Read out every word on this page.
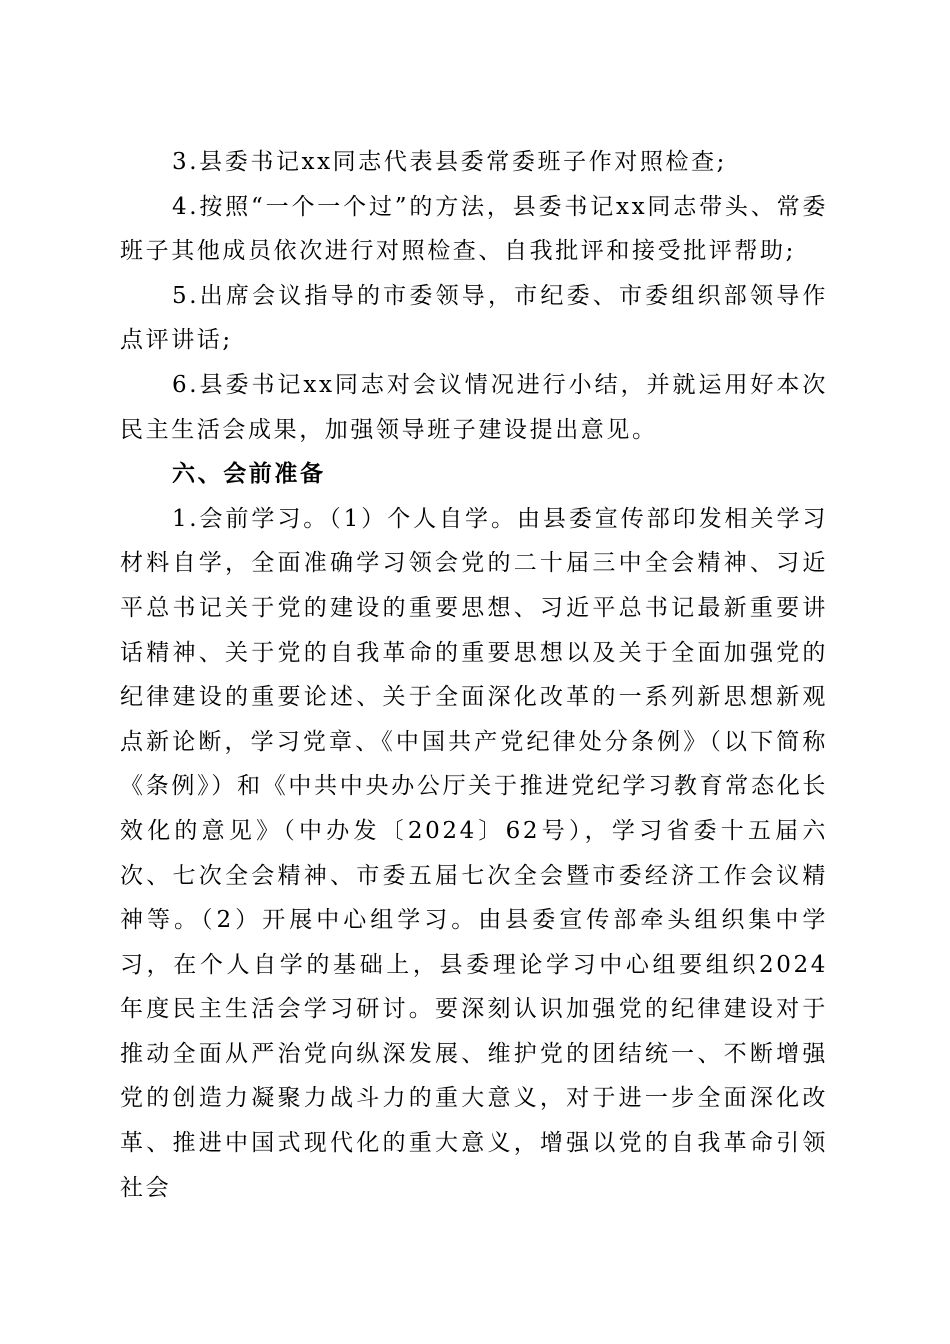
3.县委书记xx同志代表县委常委班子作对照检查;

4.按照“一个一个过”的方法，县委书记xx同志带头、常委班子其他成员依次进行对照检查、自我批评和接受批评帮助;

5.出席会议指导的市委领导，市纪委、市委组织部领导作点评讲话;

6.县委书记xx同志对会议情况进行小结，并就运用好本次民主生活会成果，加强领导班子建设提出意见。

六、会前准备

1.会前学习。（1）个人自学。由县委宣传部印发相关学习材料自学，全面准确学习领会党的二十届三中全会精神、习近平总书记关于党的建设的重要思想、习近平总书记最新重要讲话精神、关于党的自我革命的重要思想以及关于全面加强党的纪律建设的重要论述、关于全面深化改革的一系列新思想新观点新论断，学习党章、《中国共产党纪律处分条例》（以下简称《条例》）和《中共中央办公厅关于推进党纪学习教育常态化长效化的意见》（中办发〔2024〕62号），学习省委十五届六次、七次全会精神、市委五届七次全会暨市委经济工作会议精神等。（2）开展中心组学习。由县委宣传部牵头组织集中学习，在个人自学的基础上，县委理论学习中心组要组织2024年度民主生活会学习研讨。要深刻认识加强党的纪律建设对于推动全面从严治党向纵深发展、维护党的团结统一、不断增强党的创造力凝聚力战斗力的重大意义，对于进一步全面深化改革、推进中国式现代化的重大意义，增强以党的自我革命引领社会
